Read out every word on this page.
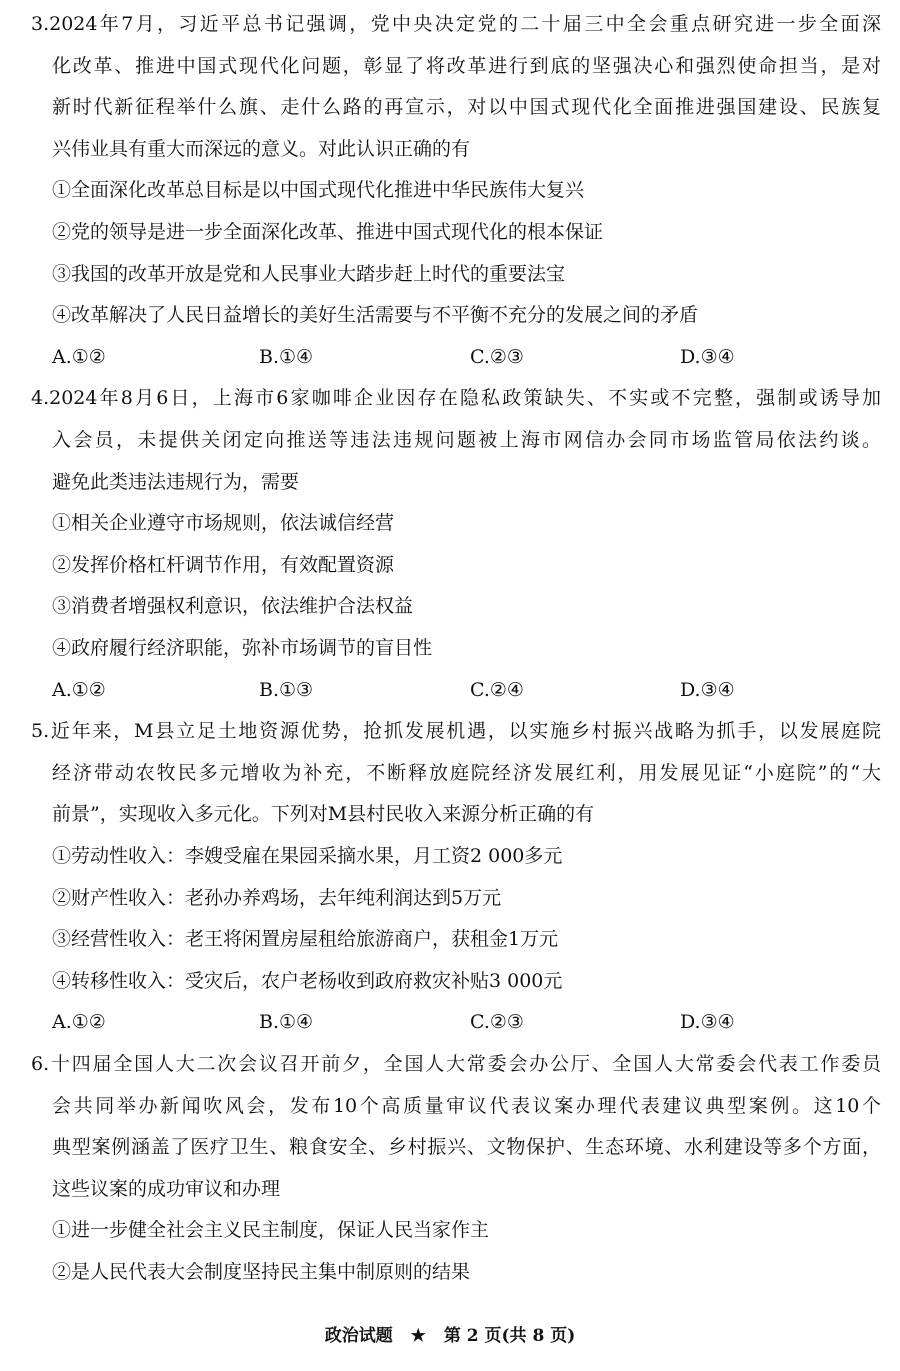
3.2024年7月，习近平总书记强调，党中央决定党的二十届三中全会重点研究进一步全面深
化改革、推进中国式现代化问题，彰显了将改革进行到底的坚强决心和强烈使命担当，是对
新时代新征程举什么旗、走什么路的再宣示，对以中国式现代化全面推进强国建设、民族复
兴伟业具有重大而深远的意义。对此认识正确的有
①全面深化改革总目标是以中国式现代化推进中华民族伟大复兴
②党的领导是进一步全面深化改革、推进中国式现代化的根本保证
③我国的改革开放是党和人民事业大踏步赶上时代的重要法宝
④改革解决了人民日益增长的美好生活需要与不平衡不充分的发展之间的矛盾
A.①②	B.①④	C.②③	D.③④
4.2024年8月6日，上海市6家咖啡企业因存在隐私政策缺失、不实或不完整，强制或诱导加
入会员，未提供关闭定向推送等违法违规问题被上海市网信办会同市场监管局依法约谈。
避免此类违法违规行为，需要
①相关企业遵守市场规则，依法诚信经营
②发挥价格杠杆调节作用，有效配置资源
③消费者增强权利意识，依法维护合法权益
④政府履行经济职能，弥补市场调节的盲目性
A.①②	B.①③	C.②④	D.③④
5.近年来，M县立足土地资源优势，抢抓发展机遇，以实施乡村振兴战略为抓手，以发展庭院
经济带动农牧民多元增收为补充，不断释放庭院经济发展红利，用发展见证“小庭院”的“大
前景”，实现收入多元化。下列对M县村民收入来源分析正确的有
①劳动性收入：李嫂受雇在果园采摘水果，月工资2 000多元
②财产性收入：老孙办养鸡场，去年纯利润达到5万元
③经营性收入：老王将闲置房屋租给旅游商户，获租金1万元
④转移性收入：受灾后，农户老杨收到政府救灾补贴3 000元
A.①②	B.①④	C.②③	D.③④
6.十四届全国人大二次会议召开前夕，全国人大常委会办公厅、全国人大常委会代表工作委员
会共同举办新闻吹风会，发布10个高质量审议代表议案办理代表建议典型案例。这10个
典型案例涵盖了医疗卫生、粮食安全、乡村振兴、文物保护、生态环境、水利建设等多个方面，
这些议案的成功审议和办理
①进一步健全社会主义民主制度，保证人民当家作主
②是人民代表大会制度坚持民主集中制原则的结果
政治试题 ★ 第 2 页(共 8 页)
